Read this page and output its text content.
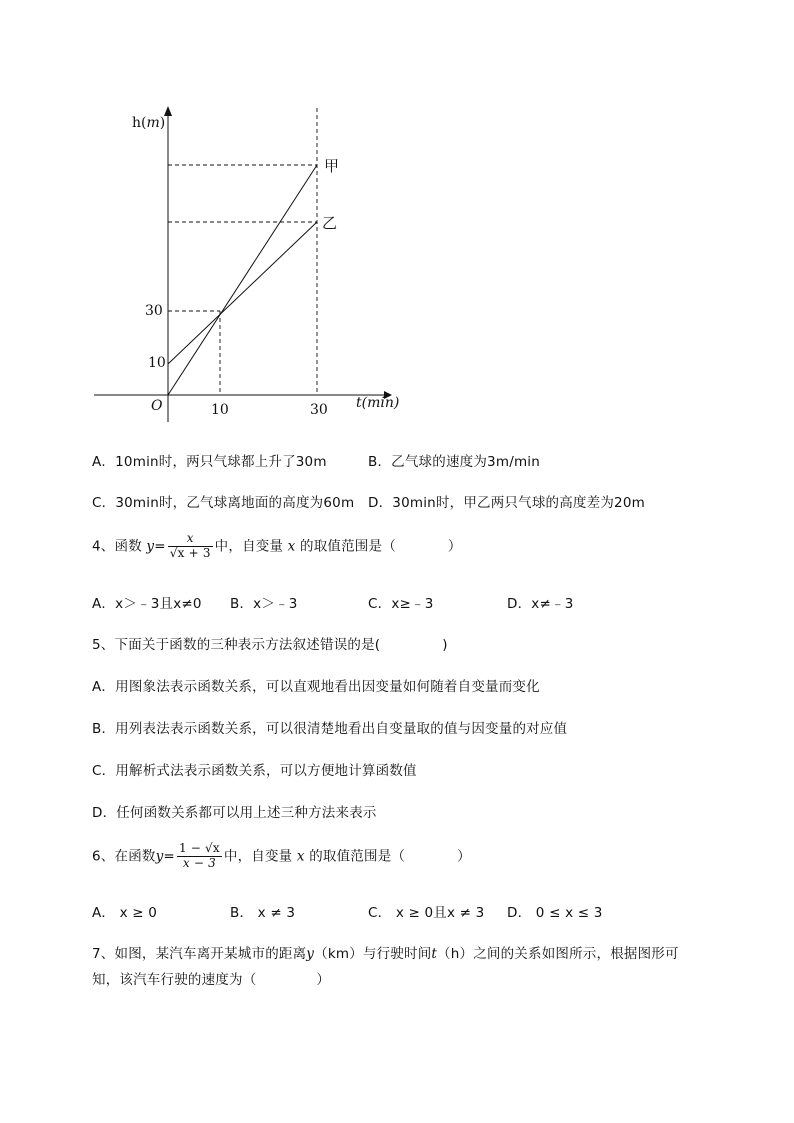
h(m)
t(min)
O
30
10
10	30
甲
乙
A．10min时，两只气球都上升了30m	B．乙气球的速度为3m/min
C．30min时，乙气球离地面的高度为60m D．30min时，甲乙两只气球的高度差为20m
4、函数 $y= \frac{x}{√x + 3}$ 中，自变量 x 的取值范围是（	）
A．x＞﹣3且x≠0 B．x＞﹣3	C．x≥﹣3	D．x≠﹣3
5、下面关于函数的三种表示方法叙述错误的是(	)
A．用图象法表示函数关系，可以直观地看出因变量如何随着自变量而变化
B．用列表法表示函数关系，可以很清楚地看出自变量取的值与因变量的对应值
C．用解析式法表示函数关系，可以方便地计算函数值
D．任何函数关系都可以用上述三种方法来表示
6、在函数$y= \frac{1 - √x}{x - 3}$ 中，自变量 x 的取值范围是（	）
A． x ≥ 0	B． x ≠ 3	C． x ≥ 0且x ≠ 3 D． 0 ≤ x ≤ 3
7、如图，某汽车离开某城市的距离y（km）与行驶时间t（h）之间的关系如图所示，根据图形可
知，该汽车行驶的速度为（	）
